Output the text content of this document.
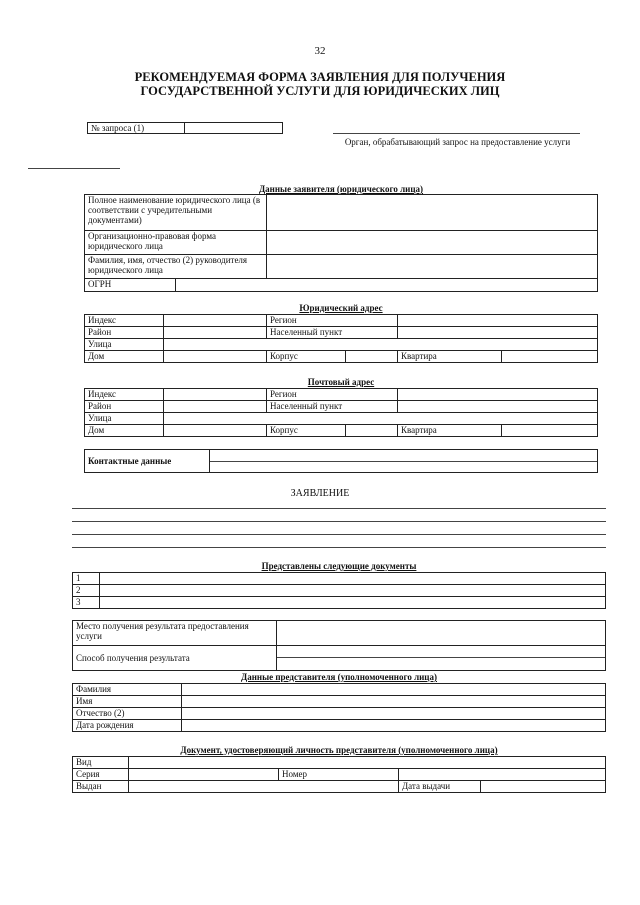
32
РЕКОМЕНДУЕМАЯ ФОРМА ЗАЯВЛЕНИЯ ДЛЯ ПОЛУЧЕНИЯ
ГОСУДАРСТВЕННОЙ УСЛУГИ ДЛЯ ЮРИДИЧЕСКИХ ЛИЦ
№ запроса (1)	
Орган, обрабатывающий запрос на предоставление услуги
Данные заявителя (юридического лица)
Полное наименование юридического лица (в соответствии с учредительными документами)		
Организационно-правовая форма юридического лица		
Фамилия, имя, отчество (2) руководителя юридического лица		
ОГРН		
Юридический адрес
Индекс		Регион			
Район		Населенный пункт			
Улица					
Дом		Корпус		Квартира	
Почтовый адрес
Индекс		Регион			
Район		Населенный пункт			
Улица					
Дом		Корпус		Квартира	
Контактные данные	
ЗАЯВЛЕНИЕ
Представлены следующие документы
1	
2	
3	
Место получения результата предоставления услуги	
Способ получения результата	
Данные представителя (уполномоченного лица)
Фамилия	
Имя	
Отчество (2)	
Дата рождения	
Документ, удостоверяющий личность представителя (уполномоченного лица)
Вид				
Серия		Номер		
Выдан			Дата выдачи	
